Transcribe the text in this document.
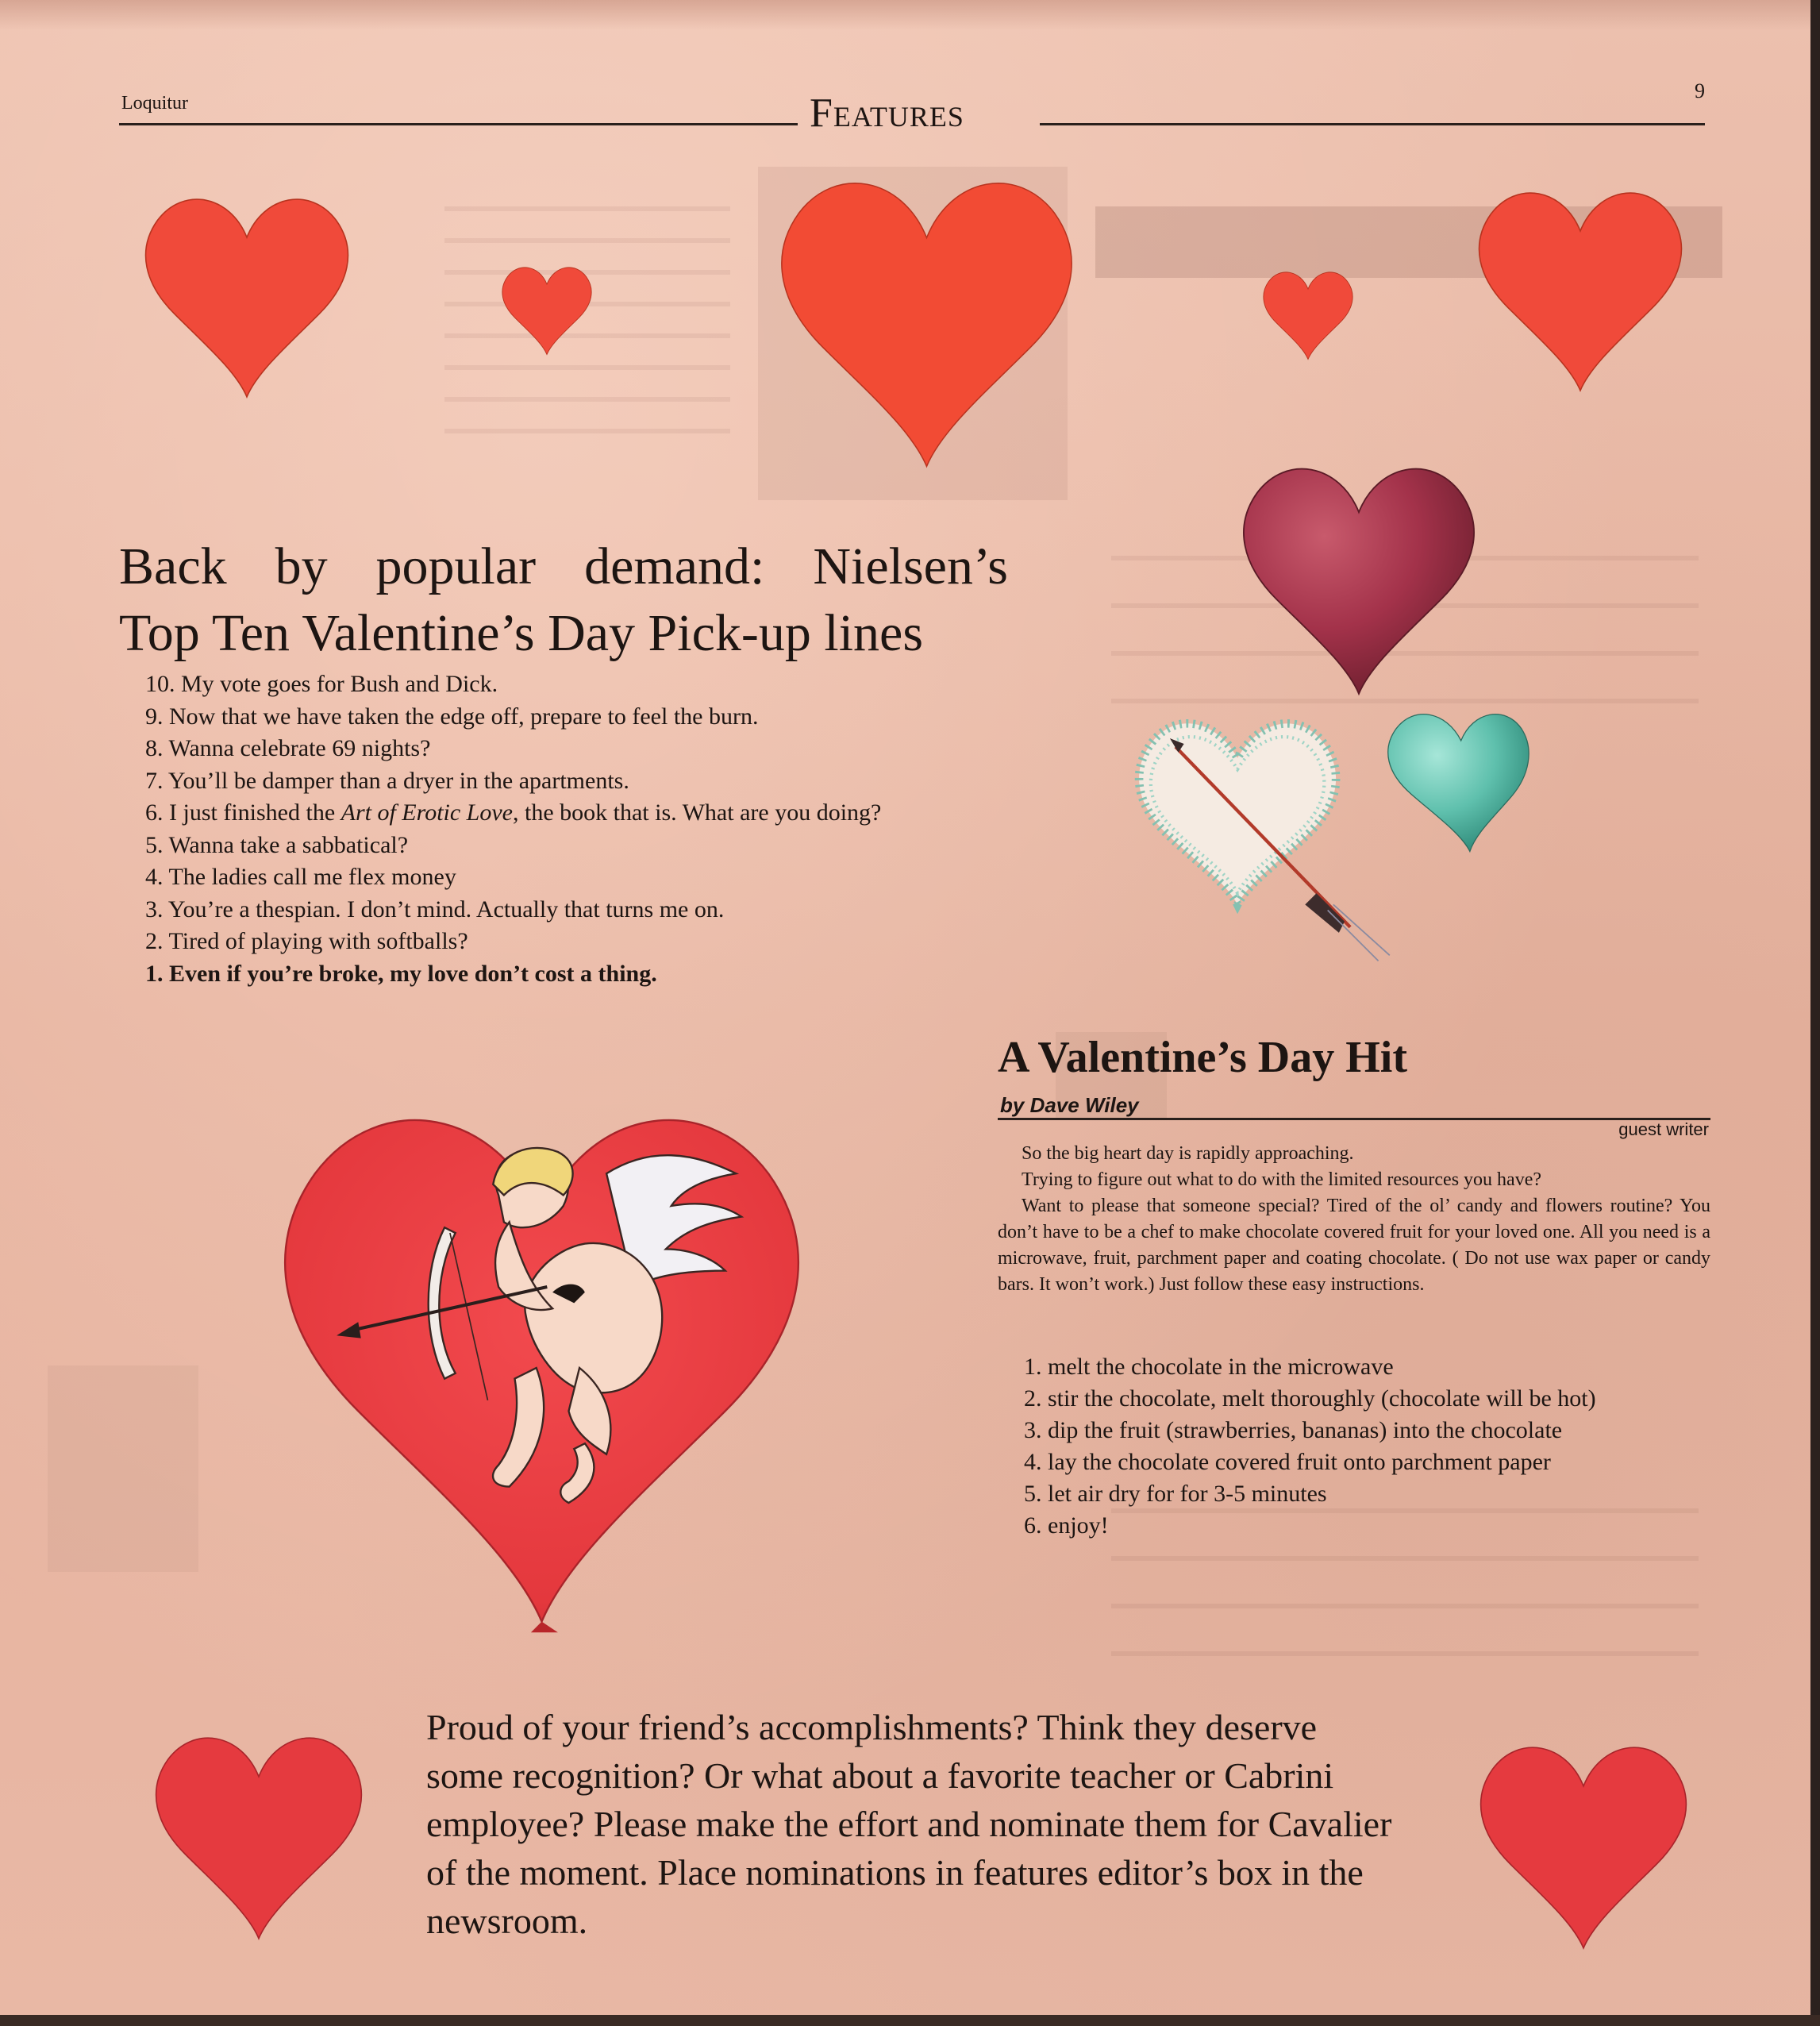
Loquitur	Features	9
Back by popular demand: Nielsen’s
Top Ten Valentine’s Day Pick-up lines
10. My vote goes for Bush and Dick.
9. Now that we have taken the edge off, prepare to feel the burn.
8. Wanna celebrate 69 nights?
7. You’ll be damper than a dryer in the apartments.
6. I just finished the Art of Erotic Love, the book that is. What are you doing?
5. Wanna take a sabbatical?
4. The ladies call me flex money
3. You’re a thespian. I don’t mind. Actually that turns me on.
2. Tired of playing with softballs?
1. Even if you’re broke, my love don’t cost a thing.
A Valentine’s Day Hit
by Dave Wiley
guest writer

So the big heart day is rapidly approaching.

Trying to figure out what to do with the limited resources you have?

Want to please that someone special? Tired of the ol’ candy and flowers routine? You don’t have to be a chef to make chocolate covered fruit for your loved one. All you need is a microwave, fruit, parchment paper and coating chocolate. ( Do not use wax paper or candy bars. It won’t work.) Just follow these easy instructions.

1. melt the chocolate in the microwave
2. stir the chocolate, melt thoroughly (chocolate will be hot)
3. dip the fruit (strawberries, bananas) into the chocolate
4. lay the chocolate covered fruit onto parchment paper
5. let air dry for for 3-5 minutes
6. enjoy!

Proud of your friend’s accomplishments? Think they deserve some recognition? Or what about a favorite teacher or Cabrini employee? Please make the effort and nominate them for Cavalier of the moment. Place nominations in features editor’s box in the newsroom.
